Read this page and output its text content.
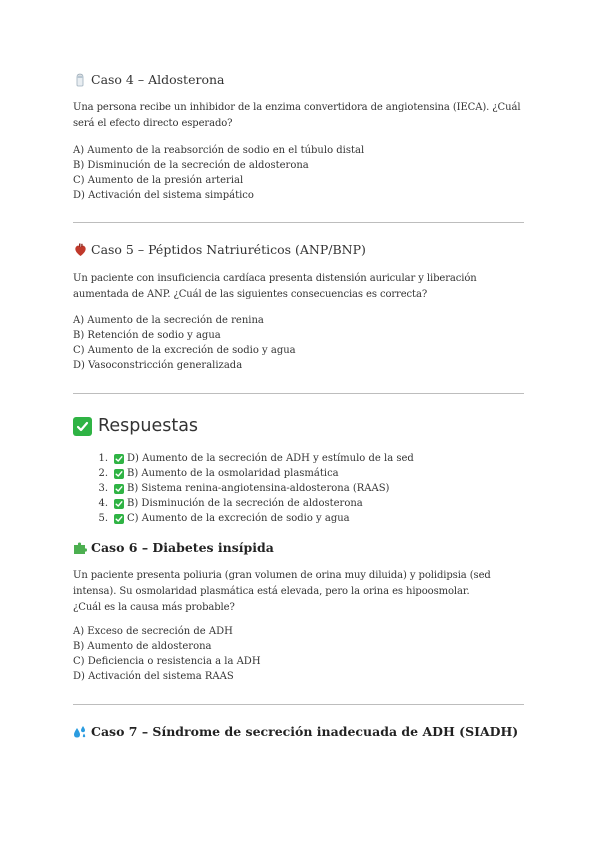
Caso 4 – Aldosterona
Una persona recibe un inhibidor de la enzima convertidora de angiotensina (IECA). ¿Cuál será el efecto directo esperado?
A) Aumento de la reabsorción de sodio en el túbulo distal
B) Disminución de la secreción de aldosterona
C) Aumento de la presión arterial
D) Activación del sistema simpático
Caso 5 – Péptidos Natriuréticos (ANP/BNP)
Un paciente con insuficiencia cardíaca presenta distensión auricular y liberación aumentada de ANP. ¿Cuál de las siguientes consecuencias es correcta?
A) Aumento de la secreción de renina
B) Retención de sodio y agua
C) Aumento de la excreción de sodio y agua
D) Vasoconstricción generalizada
Respuestas
1. D) Aumento de la secreción de ADH y estímulo de la sed
2. B) Aumento de la osmolaridad plasmática
3. B) Sistema renina-angiotensina-aldosterona (RAAS)
4. B) Disminución de la secreción de aldosterona
5. C) Aumento de la excreción de sodio y agua
Caso 6 – Diabetes insípida
Un paciente presenta poliuria (gran volumen de orina muy diluida) y polidipsia (sed intensa). Su osmolaridad plasmática está elevada, pero la orina es hipoosmolar.
¿Cuál es la causa más probable?
A) Exceso de secreción de ADH
B) Aumento de aldosterona
C) Deficiencia o resistencia a la ADH
D) Activación del sistema RAAS
Caso 7 – Síndrome de secreción inadecuada de ADH (SIADH)
